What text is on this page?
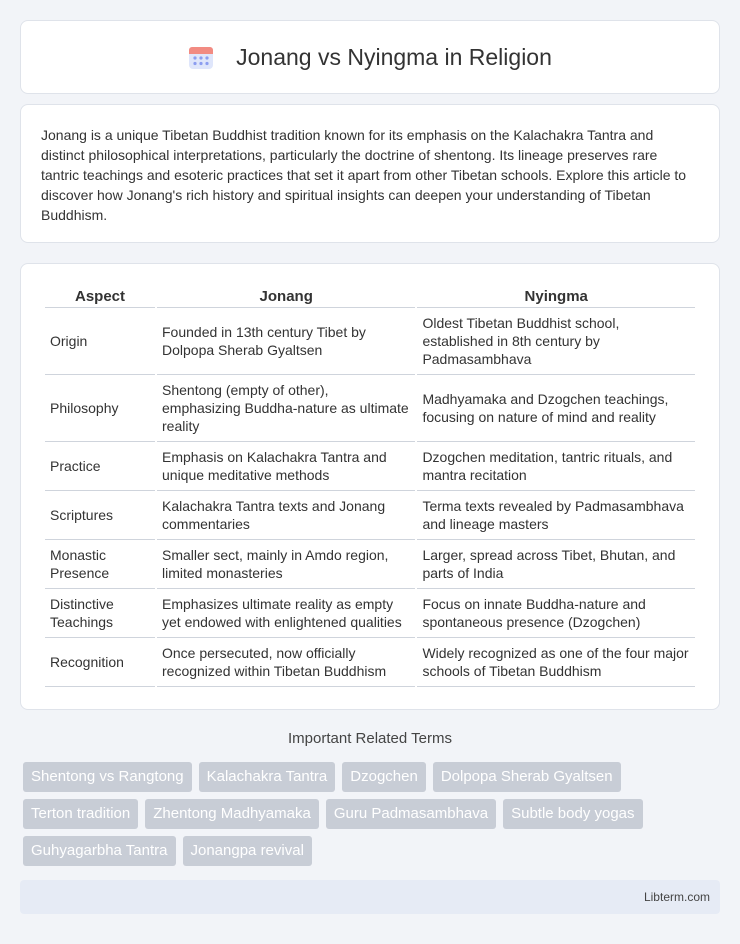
Jonang vs Nyingma in Religion

Jonang is a unique Tibetan Buddhist tradition known for its emphasis on the Kalachakra Tantra and distinct philosophical interpretations, particularly the doctrine of shentong. Its lineage preserves rare tantric teachings and esoteric practices that set it apart from other Tibetan schools. Explore this article to discover how Jonang's rich history and spiritual insights can deepen your understanding of Tibetan Buddhism.

Aspect	Jonang	Nyingma
Origin	Founded in 13th century Tibet by Dolpopa Sherab Gyaltsen	Oldest Tibetan Buddhist school, established in 8th century by Padmasambhava
Philosophy	Shentong (empty of other), emphasizing Buddha-nature as ultimate reality	Madhyamaka and Dzogchen teachings, focusing on nature of mind and reality
Practice	Emphasis on Kalachakra Tantra and unique meditative methods	Dzogchen meditation, tantric rituals, and mantra recitation
Scriptures	Kalachakra Tantra texts and Jonang commentaries	Terma texts revealed by Padmasambhava and lineage masters
Monastic Presence	Smaller sect, mainly in Amdo region, limited monasteries	Larger, spread across Tibet, Bhutan, and parts of India
Distinctive Teachings	Emphasizes ultimate reality as empty yet endowed with enlightened qualities	Focus on innate Buddha-nature and spontaneous presence (Dzogchen)
Recognition	Once persecuted, now officially recognized within Tibetan Buddhism	Widely recognized as one of the four major schools of Tibetan Buddhism
Important Related Terms
Shentong vs Rangtong	Kalachakra Tantra	Dzogchen	Dolpopa Sherab Gyaltsen
Terton tradition	Zhentong Madhyamaka	Guru Padmasambhava	Subtle body yogas
Guhyagarbha Tantra	Jonangpa revival
Libterm.com
